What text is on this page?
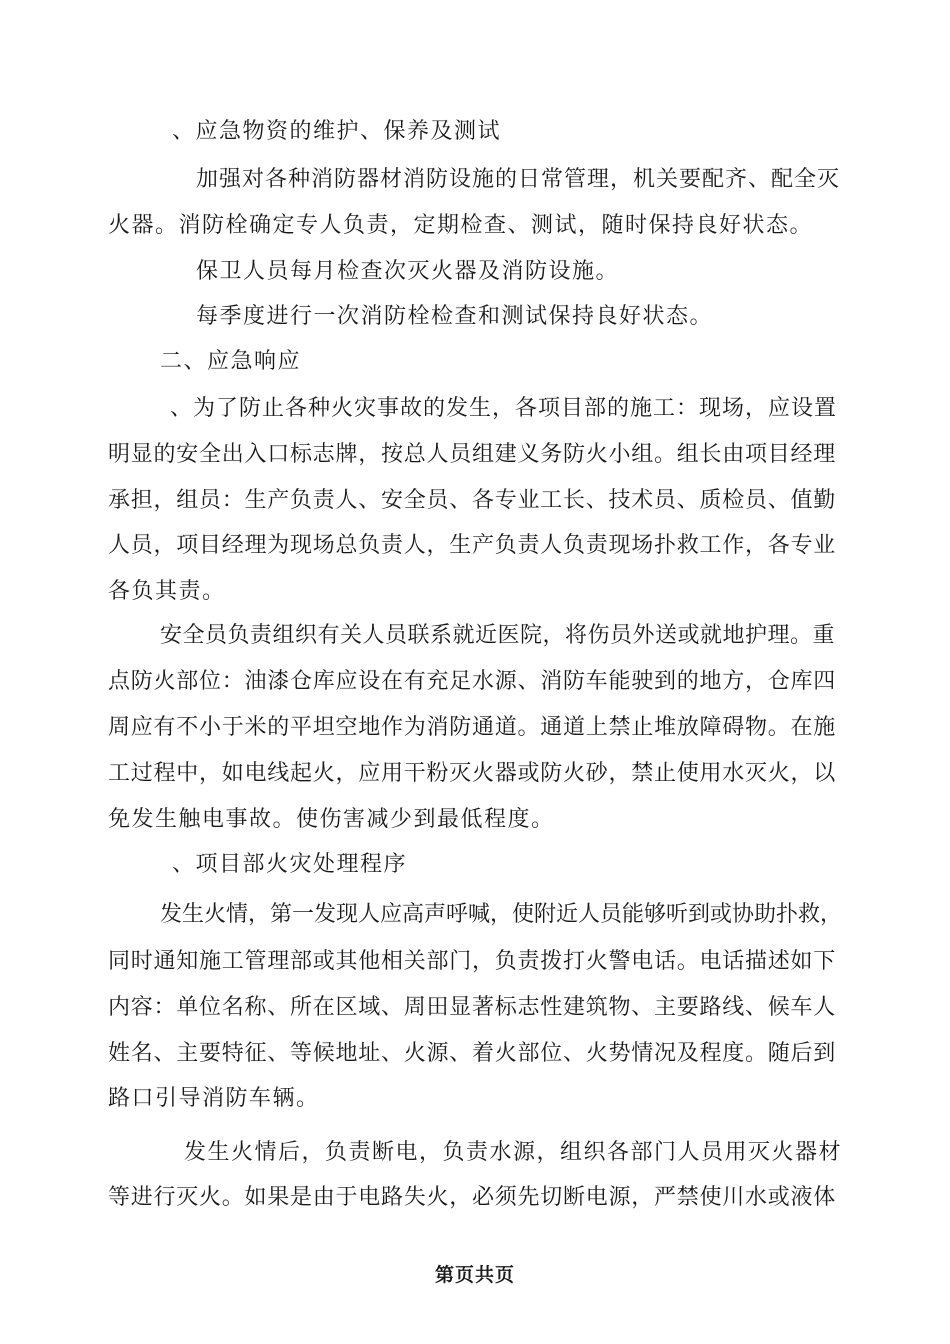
、应急物资的维护、保养及测试
加强对各种消防器材消防设施的日常管理，机关要配齐、配全灭
火器。消防栓确定专人负责，定期检查、测试，随时保持良好状态。
保卫人员每月检查次灭火器及消防设施。
每季度进行一次消防栓检查和测试保持良好状态。
二、应急响应
、为了防止各种火灾事故的发生，各项目部的施工：现场，应设置
明显的安全出入口标志牌，按总人员组建义务防火小组。组长由项目经理
承担，组员：生产负责人、安全员、各专业工长、技术员、质检员、值勤
人员，项目经理为现场总负责人，生产负责人负责现场扑救工作，各专业
各负其责。
安全员负责组织有关人员联系就近医院，将伤员外送或就地护理。重
点防火部位：油漆仓库应设在有充足水源、消防车能驶到的地方，仓库四
周应有不小于米的平坦空地作为消防通道。通道上禁止堆放障碍物。在施
工过程中，如电线起火，应用干粉灭火器或防火砂，禁止使用水灭火，以
免发生触电事故。使伤害减少到最低程度。
、项目部火灾处理程序
发生火情，第一发现人应高声呼喊，使附近人员能够听到或协助扑救，
同时通知施工管理部或其他相关部门，负责拨打火警电话。电话描述如下
内容：单位名称、所在区域、周田显著标志性建筑物、主要路线、候车人
姓名、主要特征、等候地址、火源、着火部位、火势情况及程度。随后到
路口引导消防车辆。
发生火情后，负责断电，负责水源，组织各部门人员用灭火器材
等进行灭火。如果是由于电路失火，必须先切断电源，严禁使川水或液体
第页共页
